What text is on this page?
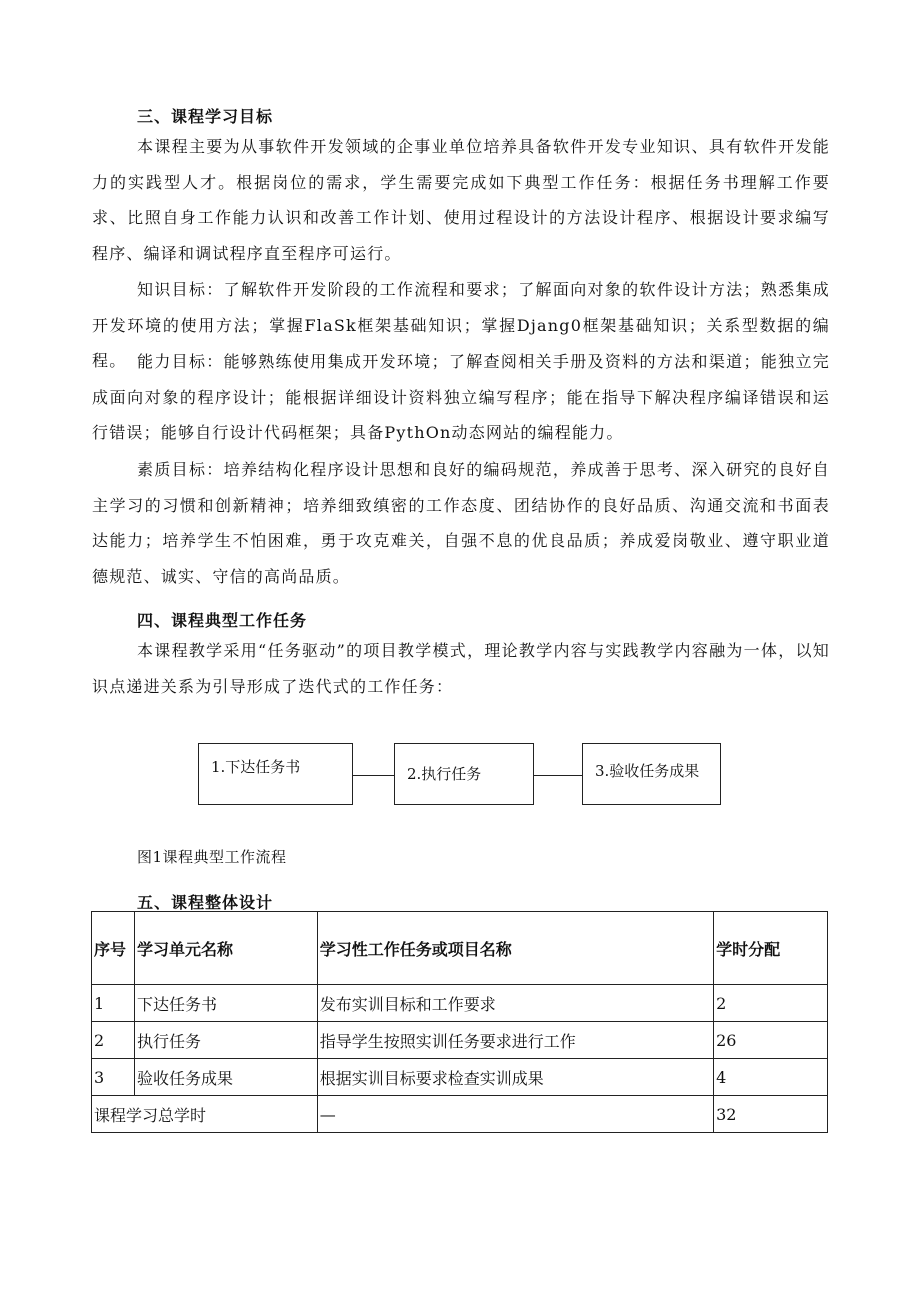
三、课程学习目标

本课程主要为从事软件开发领域的企事业单位培养具备软件开发专业知识、具有软件开发能力的实践型人才。根据岗位的需求，学生需要完成如下典型工作任务：根据任务书理解工作要求、比照自身工作能力认识和改善工作计划、使用过程设计的方法设计程序、根据设计要求编写程序、编译和调试程序直至程序可运行。

知识目标：了解软件开发阶段的工作流程和要求；了解面向对象的软件设计方法；熟悉集成开发环境的使用方法；掌握FlaSk框架基础知识；掌握Djang0框架基础知识；关系型数据的编程。 能力目标：能够熟练使用集成开发环境；了解查阅相关手册及资料的方法和渠道；能独立完成面向对象的程序设计；能根据详细设计资料独立编写程序；能在指导下解决程序编译错误和运行错误；能够自行设计代码框架；具备PythOn动态网站的编程能力。

素质目标：培养结构化程序设计思想和良好的编码规范，养成善于思考、深入研究的良好自主学习的习惯和创新精神；培养细致缜密的工作态度、团结协作的良好品质、沟通交流和书面表达能力；培养学生不怕困难，勇于攻克难关，自强不息的优良品质；养成爱岗敬业、遵守职业道德规范、诚实、守信的高尚品质。

四、课程典型工作任务

本课程教学采用“任务驱动”的项目教学模式，理论教学内容与实践教学内容融为一体，以知识点递进关系为引导形成了迭代式的工作任务：

1.下达任务书	2.执行任务	3.验收任务成果
图1课程典型工作流程
五、课程整体设计
序号	学习单元名称	学习性工作任务或项目名称	学时分配
1	下达任务书	发布实训目标和工作要求	2
2	执行任务	指导学生按照实训任务要求进行工作	26
3	验收任务成果	根据实训目标要求检查实训成果	4
课程学习总学时		—	32
